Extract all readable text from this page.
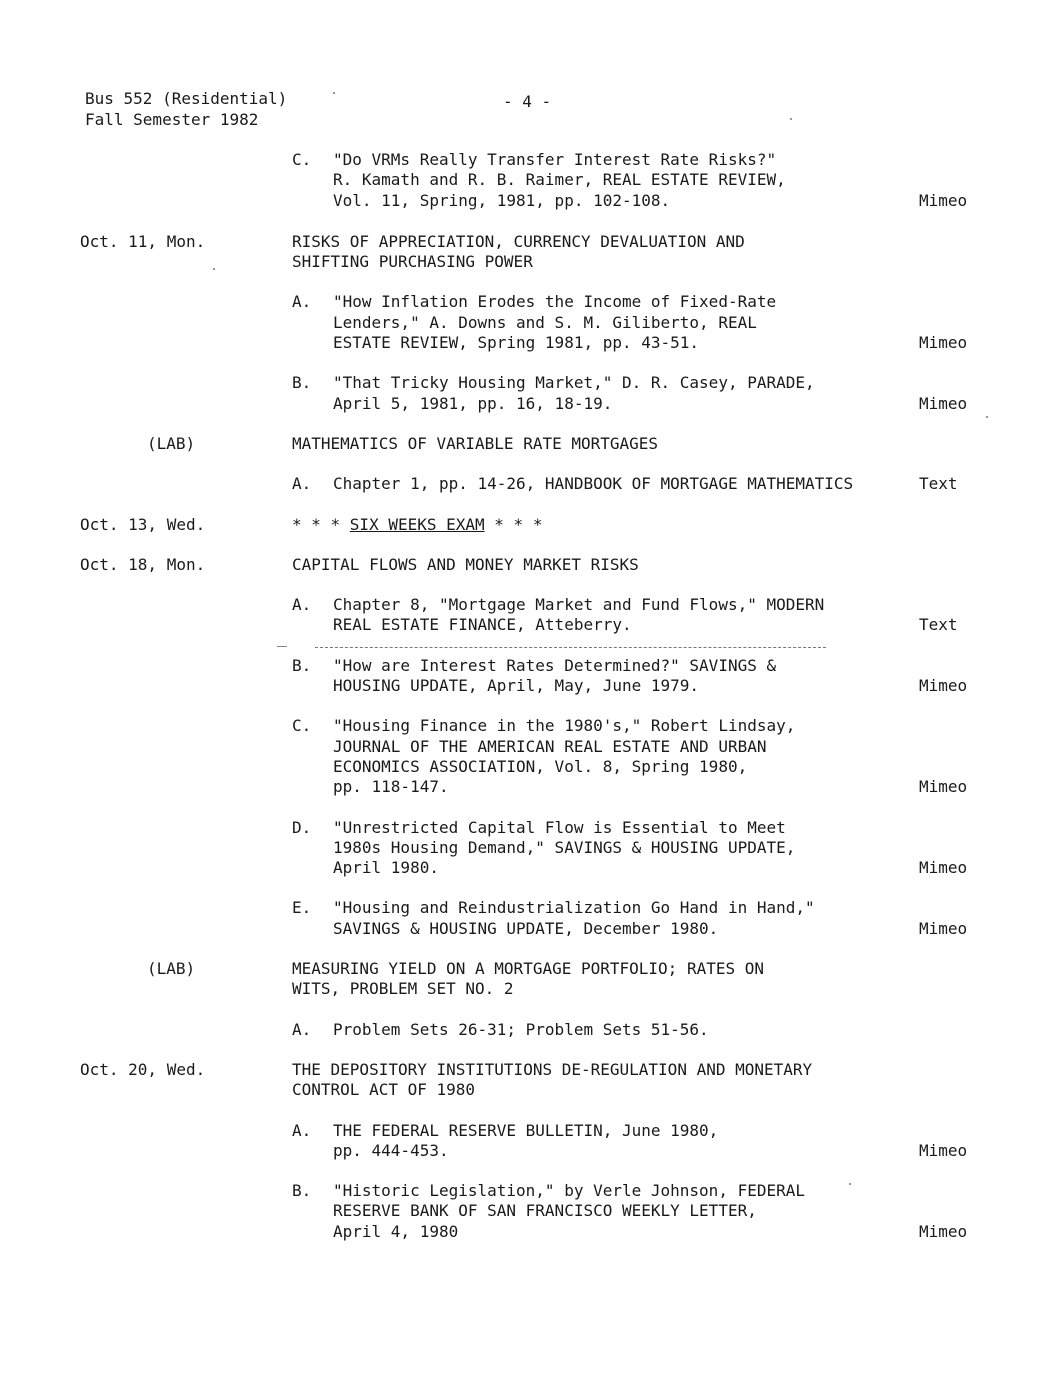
Bus 552 (Residential)
Fall Semester 1982
- 4 -
C. "Do VRMs Really Transfer Interest Rate Risks?"
R. Kamath and R. B. Raimer, REAL ESTATE REVIEW,
Vol. 11, Spring, 1981, pp. 102-108.	Mimeo
Oct. 11, Mon.	RISKS OF APPRECIATION, CURRENCY DEVALUATION AND
SHIFTING PURCHASING POWER
A. "How Inflation Erodes the Income of Fixed-Rate
Lenders," A. Downs and S. M. Giliberto, REAL
ESTATE REVIEW, Spring 1981, pp. 43-51.	Mimeo
B. "That Tricky Housing Market," D. R. Casey, PARADE,
April 5, 1981, pp. 16, 18-19.	Mimeo
(LAB)	MATHEMATICS OF VARIABLE RATE MORTGAGES
A. Chapter 1, pp. 14-26, HANDBOOK OF MORTGAGE MATHEMATICS	Text
Oct. 13, Wed.	* * * SIX WEEKS EXAM * * *
Oct. 18, Mon.	CAPITAL FLOWS AND MONEY MARKET RISKS
A. Chapter 8, "Mortgage Market and Fund Flows," MODERN
REAL ESTATE FINANCE, Atteberry.	Text
B. "How are Interest Rates Determined?" SAVINGS &
HOUSING UPDATE, April, May, June 1979.	Mimeo
C. "Housing Finance in the 1980's," Robert Lindsay,
JOURNAL OF THE AMERICAN REAL ESTATE AND URBAN
ECONOMICS ASSOCIATION, Vol. 8, Spring 1980,
pp. 118-147.	Mimeo
D. "Unrestricted Capital Flow is Essential to Meet
1980s Housing Demand," SAVINGS & HOUSING UPDATE,
April 1980.	Mimeo
E. "Housing and Reindustrialization Go Hand in Hand,"
SAVINGS & HOUSING UPDATE, December 1980.	Mimeo
(LAB)	MEASURING YIELD ON A MORTGAGE PORTFOLIO; RATES ON
WITS, PROBLEM SET NO. 2
A. Problem Sets 26-31; Problem Sets 51-56.
Oct. 20, Wed.	THE DEPOSITORY INSTITUTIONS DE-REGULATION AND MONETARY
CONTROL ACT OF 1980
A. THE FEDERAL RESERVE BULLETIN, June 1980,
pp. 444-453.	Mimeo
B. "Historic Legislation," by Verle Johnson, FEDERAL
RESERVE BANK OF SAN FRANCISCO WEEKLY LETTER,
April 4, 1980	Mimeo
